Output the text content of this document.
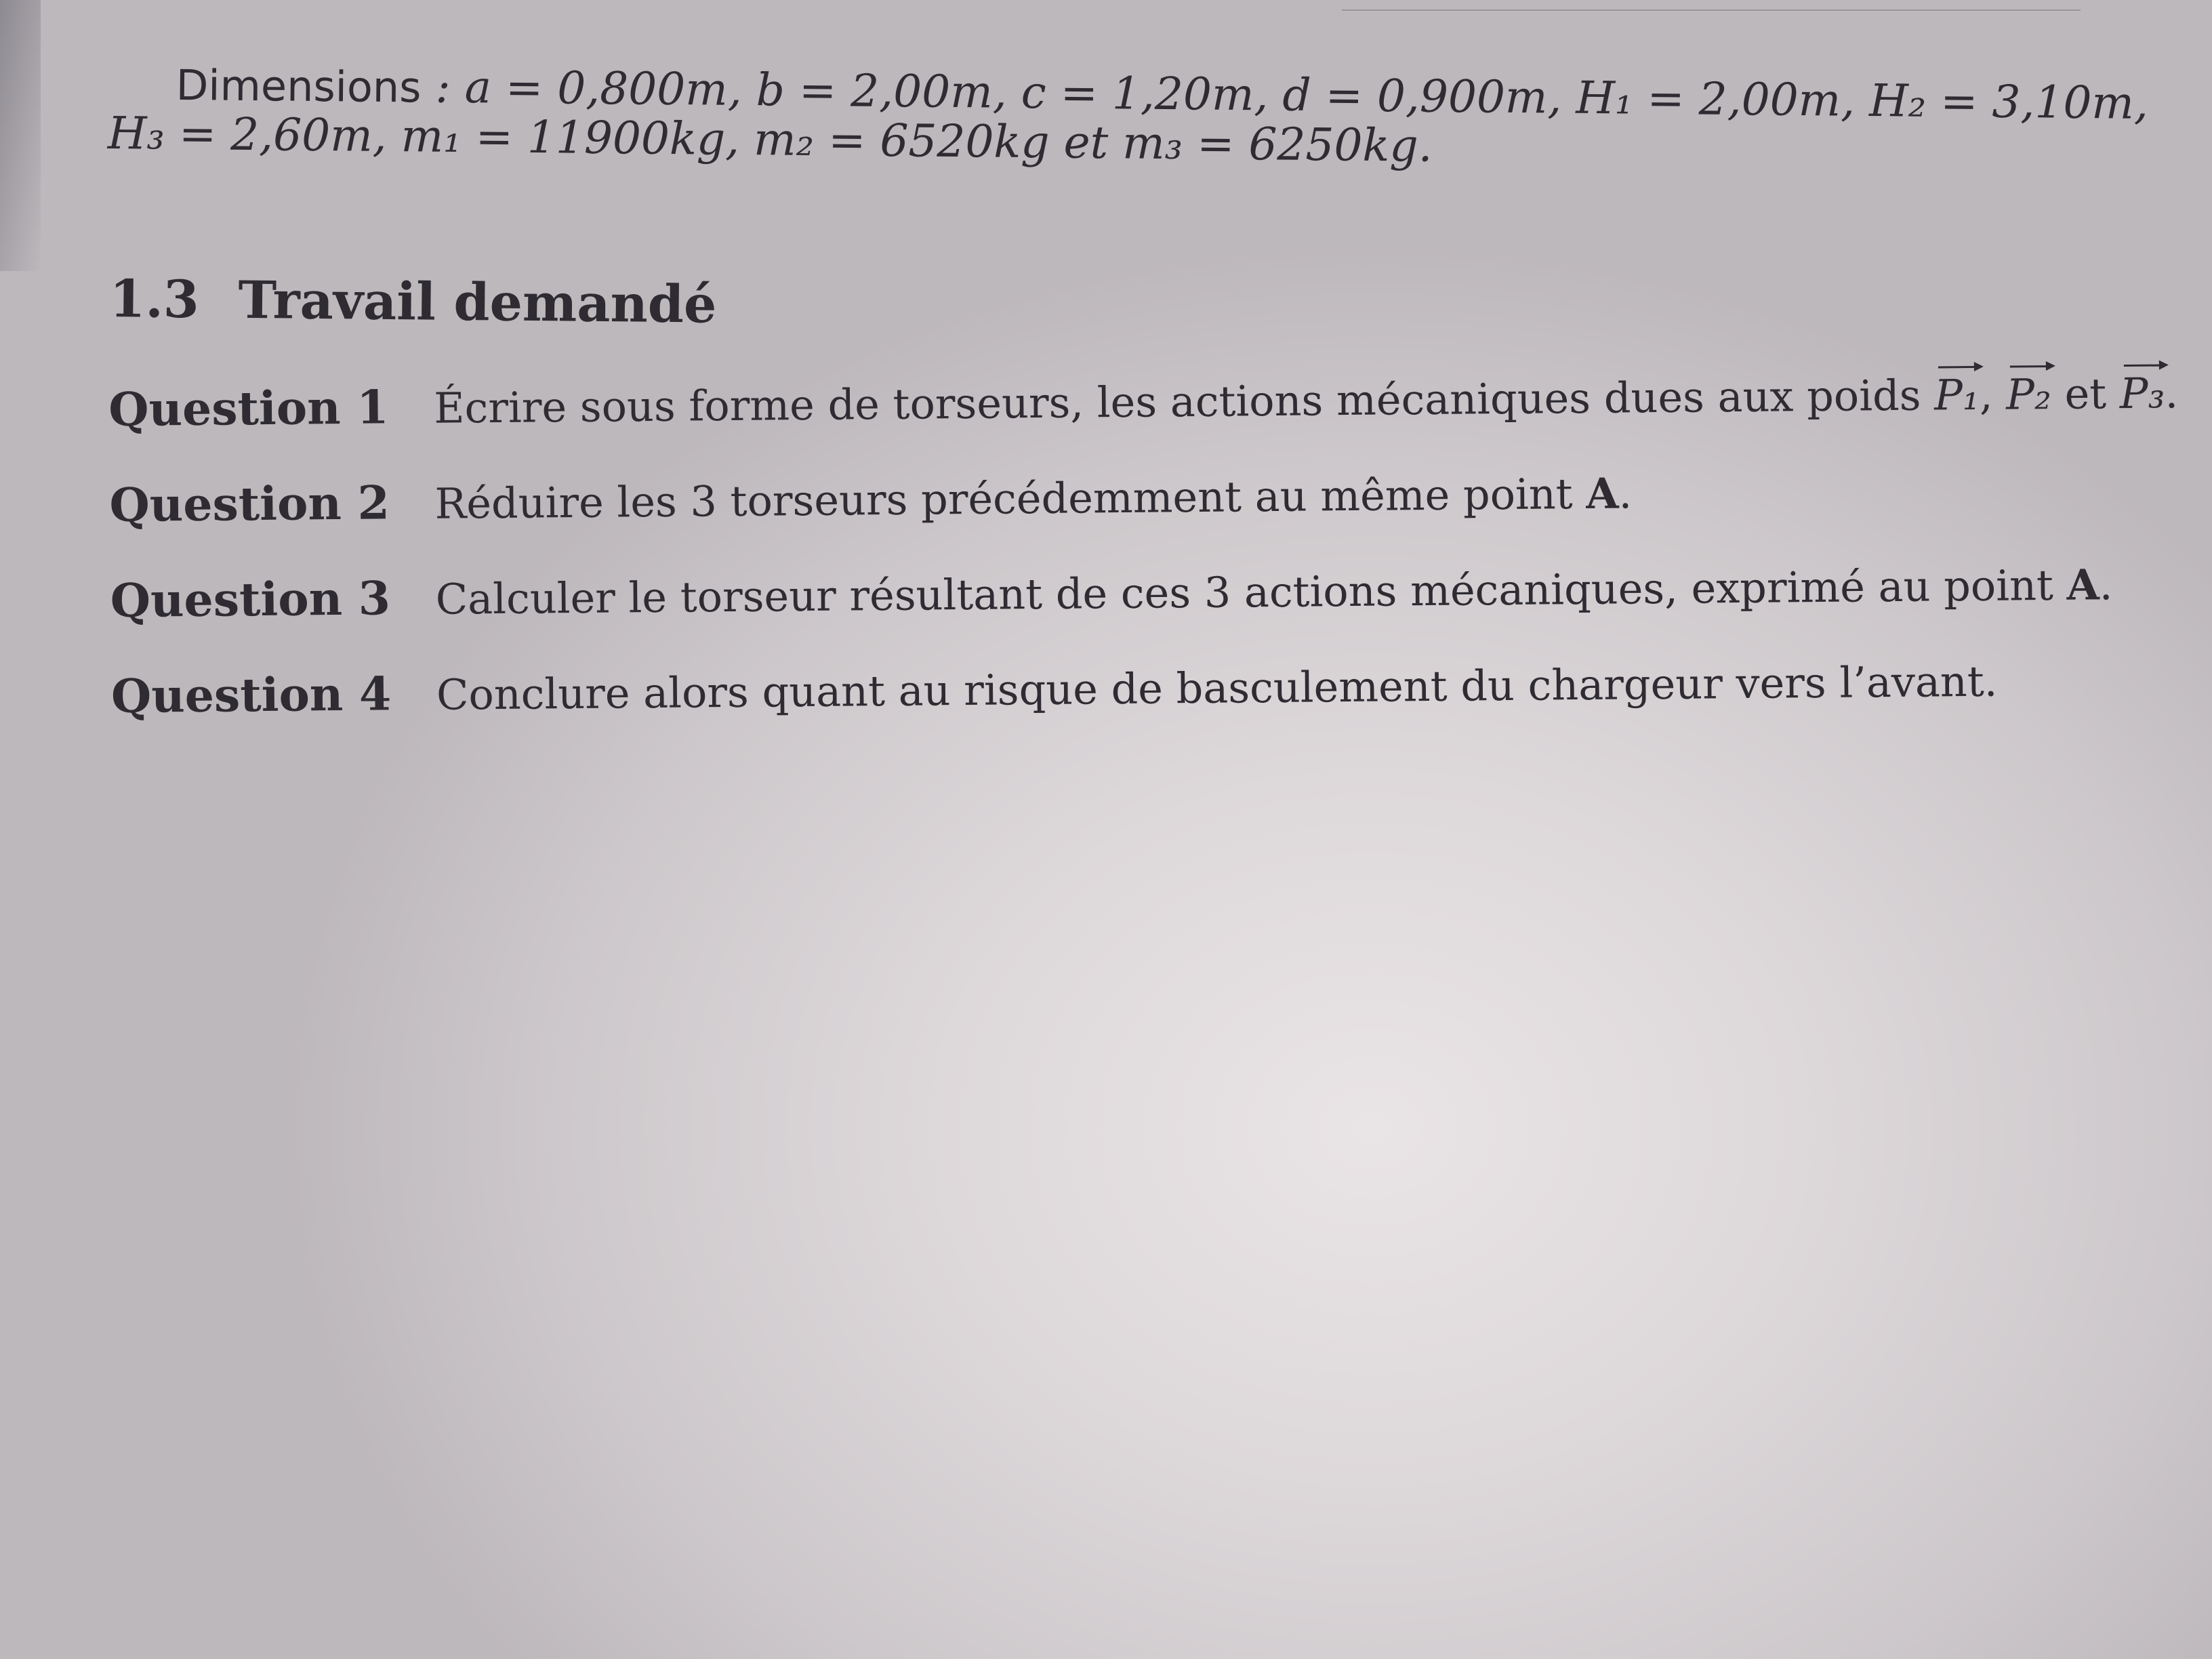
Dimensions : a = 0,800m, b = 2,00m, c = 1,20m, d = 0,900m, H₁ = 2,00m, H₂ = 3,10m,
H₃ = 2,60m, m₁ = 11900kg, m₂ = 6520kg et m₃ = 6250kg.
1.3 Travail demandé
Question 1	Écrire sous forme de torseurs, les actions mécaniques dues aux poids P₁, P₂ et P₃.
Question 2	Réduire les 3 torseurs précédemment au même point A.
Question 3	Calculer le torseur résultant de ces 3 actions mécaniques, exprimé au point A.
Question 4	Conclure alors quant au risque de basculement du chargeur vers l’avant.
